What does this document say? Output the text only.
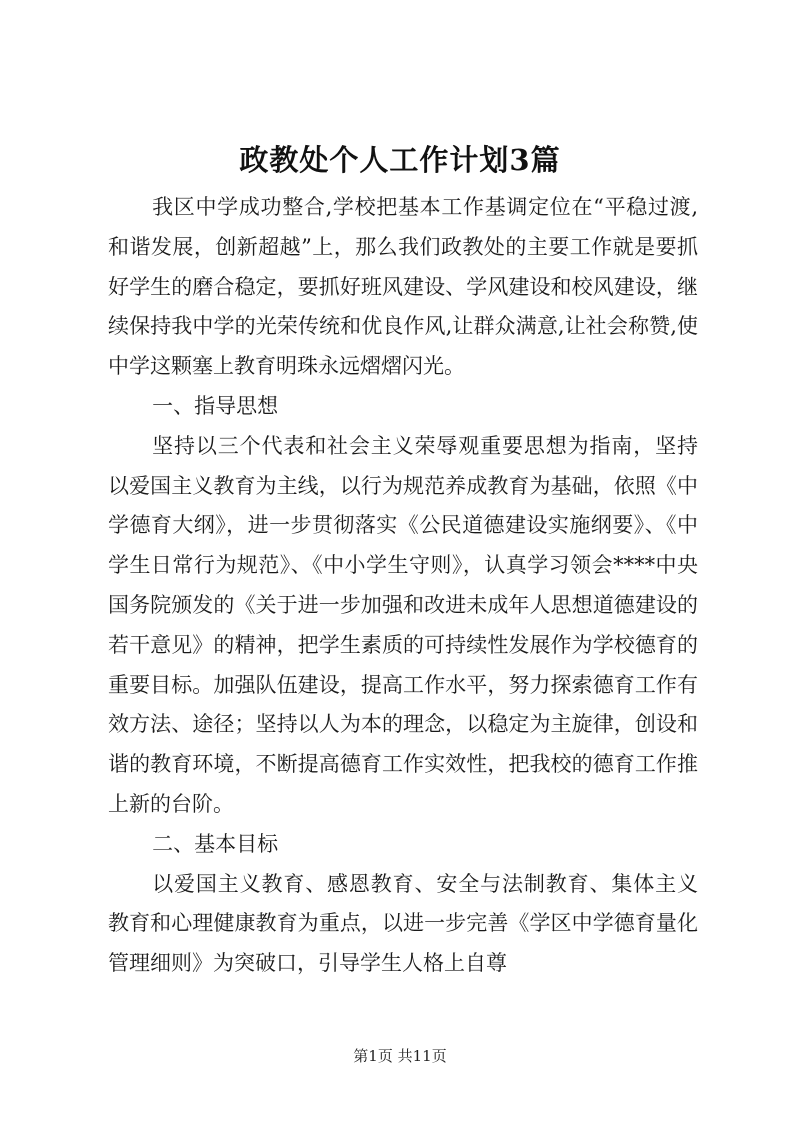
政教处个人工作计划3篇

我区中学成功整合,学校把基本工作基调定位在“平稳过渡,和谐发展，创新超越”上，那么我们政教处的主要工作就是要抓好学生的磨合稳定，要抓好班风建设、学风建设和校风建设，继续保持我中学的光荣传统和优良作风,让群众满意,让社会称赞,使中学这颗塞上教育明珠永远熠熠闪光。

一、指导思想

坚持以三个代表和社会主义荣辱观重要思想为指南，坚持以爱国主义教育为主线，以行为规范养成教育为基础，依照《中学德育大纲》，进一步贯彻落实《公民道德建设实施纲要》、《中学生日常行为规范》、《中小学生守则》，认真学习领会****中央国务院颁发的《关于进一步加强和改进未成年人思想道德建设的若干意见》的精神，把学生素质的可持续性发展作为学校德育的重要目标。加强队伍建设，提高工作水平，努力探索德育工作有效方法、途径；坚持以人为本的理念，以稳定为主旋律，创设和谐的教育环境，不断提高德育工作实效性，把我校的德育工作推上新的台阶。

二、基本目标

以爱国主义教育、感恩教育、安全与法制教育、集体主义教育和心理健康教育为重点，以进一步完善《学区中学德育量化管理细则》为突破口，引导学生人格上自尊

第1页 共11页
